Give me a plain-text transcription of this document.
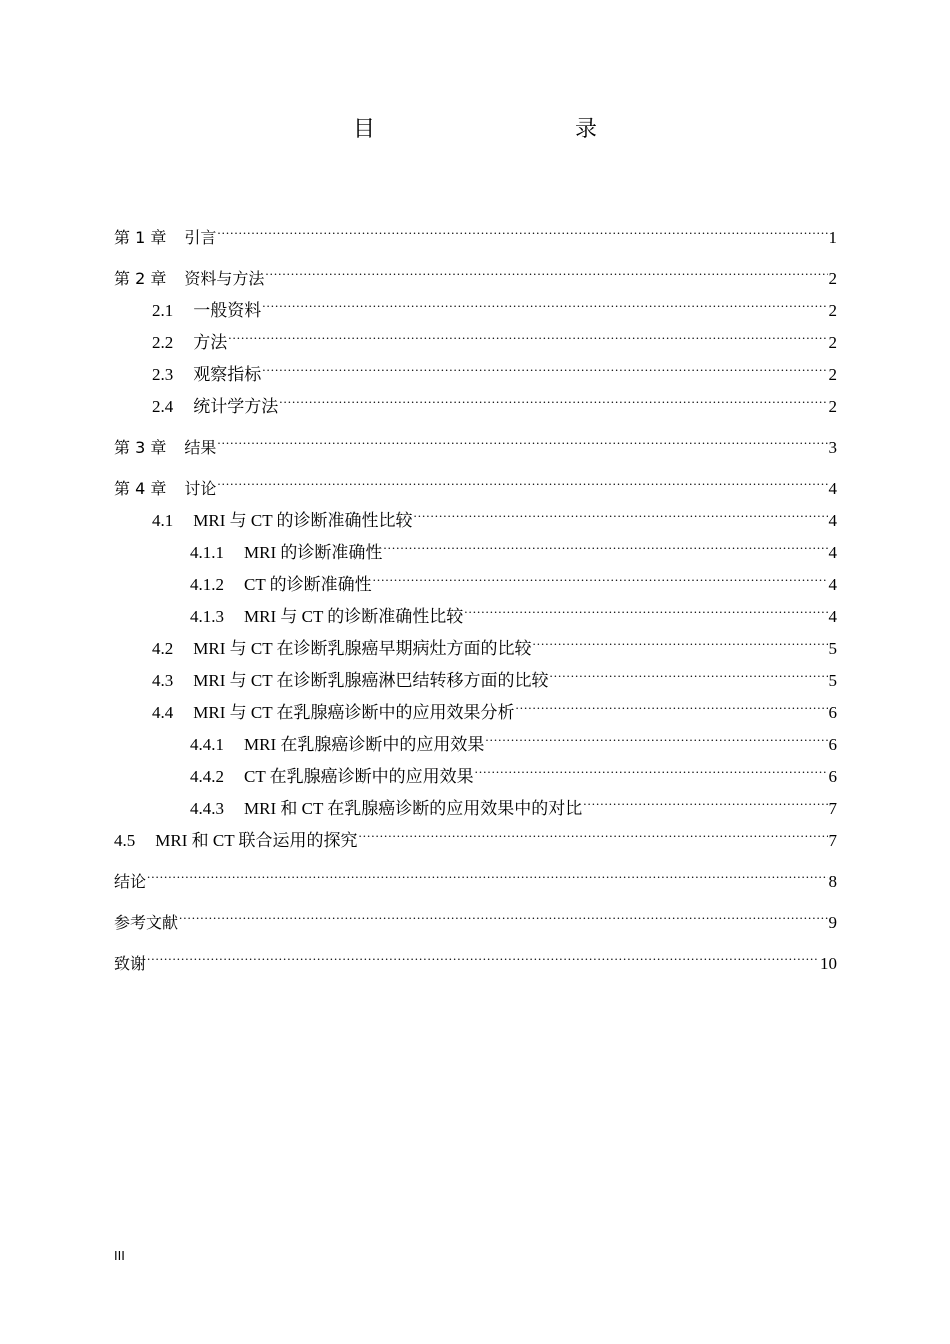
目　　录
第 1 章	引言 .....	1
第 2 章	资料与方法 .....	2
2.1	一般资料 .....	2
2.2	方法 .....	2
2.3	观察指标 .....	2
2.4	统计学方法 .....	2
第 3 章	结果 .....	3
第 4 章	讨论 .....	4
4.1	MRI 与 CT 的诊断准确性比较 .....	4
4.1.1	MRI 的诊断准确性 .....	4
4.1.2	CT 的诊断准确性 .....	4
4.1.3	MRI 与 CT 的诊断准确性比较 .....	4
4.2	MRI 与 CT 在诊断乳腺癌早期病灶方面的比较 .....	5
4.3	MRI 与 CT 在诊断乳腺癌淋巴结转移方面的比较 .....	5
4.4	MRI 与 CT 在乳腺癌诊断中的应用效果分析 .....	6
4.4.1	MRI 在乳腺癌诊断中的应用效果 .....	6
4.4.2	CT 在乳腺癌诊断中的应用效果 .....	6
4.4.3	MRI 和 CT 在乳腺癌诊断的应用效果中的对比 .....	7
4.5	MRI 和 CT 联合运用的探究 .....	7
结论 .....	8
参考文献 .....	9
致谢 .....	10
III
